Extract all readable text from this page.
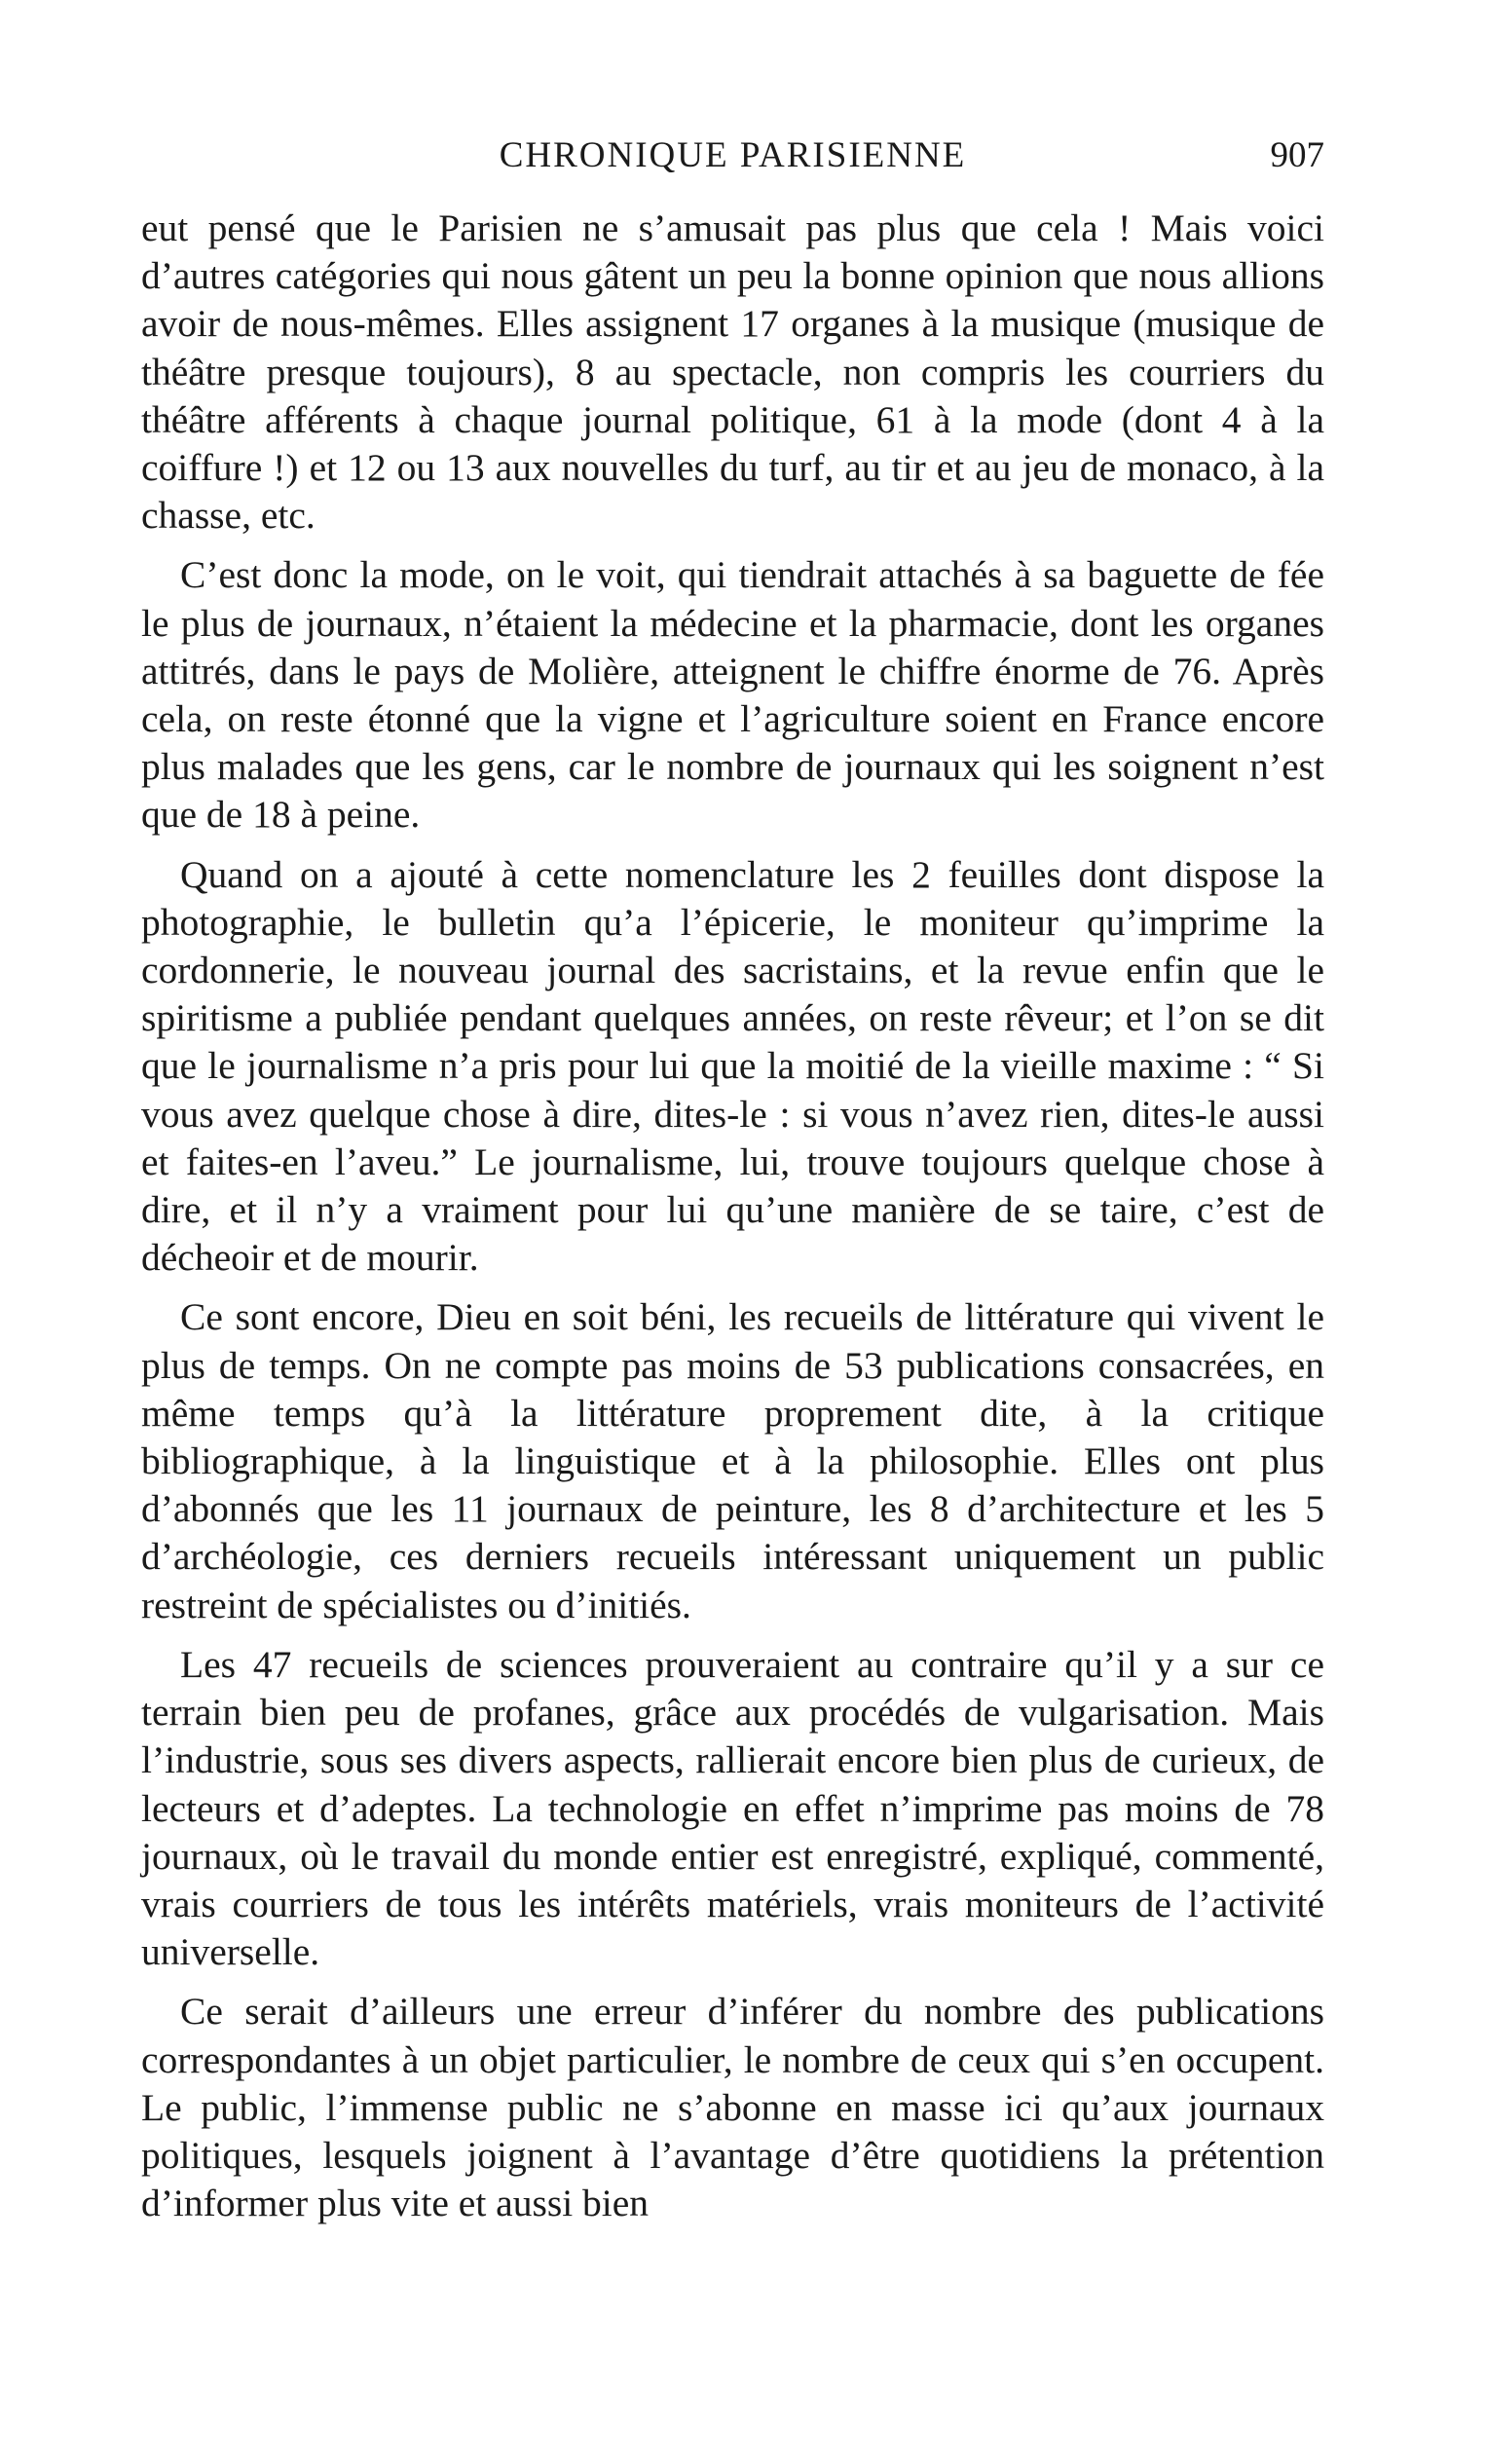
CHRONIQUE PARISIENNE	907

eut pensé que le Parisien ne s’amusait pas plus que cela ! Mais voici d’autres catégories qui nous gâtent un peu la bonne opinion que nous allions avoir de nous-mêmes. Elles assignent 17 organes à la musique (musique de théâtre presque toujours), 8 au spectacle, non compris les courriers du théâtre afférents à chaque journal politique, 61 à la mode (dont 4 à la coiffure !) et 12 ou 13 aux nouvelles du turf, au tir et au jeu de monaco, à la chasse, etc.

C’est donc la mode, on le voit, qui tiendrait attachés à sa baguette de fée le plus de journaux, n’étaient la médecine et la pharmacie, dont les organes attitrés, dans le pays de Molière, atteignent le chiffre énorme de 76. Après cela, on reste étonné que la vigne et l’agriculture soient en France encore plus malades que les gens, car le nombre de journaux qui les soignent n’est que de 18 à peine.

Quand on a ajouté à cette nomenclature les 2 feuilles dont dispose la photographie, le bulletin qu’a l’épicerie, le moniteur qu’imprime la cordonnerie, le nouveau journal des sacristains, et la revue enfin que le spiritisme a publiée pendant quelques années, on reste rêveur; et l’on se dit que le journalisme n’a pris pour lui que la moitié de la vieille maxime : “ Si vous avez quelque chose à dire, dites-le : si vous n’avez rien, dites-le aussi et faites-en l’aveu.” Le journalisme, lui, trouve toujours quelque chose à dire, et il n’y a vraiment pour lui qu’une manière de se taire, c’est de décheoir et de mourir.

Ce sont encore, Dieu en soit béni, les recueils de littérature qui vivent le plus de temps. On ne compte pas moins de 53 publications consacrées, en même temps qu’à la littérature proprement dite, à la critique bibliographique, à la linguistique et à la philosophie. Elles ont plus d’abonnés que les 11 journaux de peinture, les 8 d’architecture et les 5 d’archéologie, ces derniers recueils intéressant uniquement un public restreint de spécialistes ou d’initiés.

Les 47 recueils de sciences prouveraient au contraire qu’il y a sur ce terrain bien peu de profanes, grâce aux procédés de vulgarisation. Mais l’industrie, sous ses divers aspects, rallierait encore bien plus de curieux, de lecteurs et d’adeptes. La technologie en effet n’imprime pas moins de 78 journaux, où le travail du monde entier est enregistré, expliqué, commenté, vrais courriers de tous les intérêts matériels, vrais moniteurs de l’activité universelle.

Ce serait d’ailleurs une erreur d’inférer du nombre des publications correspondantes à un objet particulier, le nombre de ceux qui s’en occupent. Le public, l’immense public ne s’abonne en masse ici qu’aux journaux politiques, lesquels joignent à l’avantage d’être quotidiens la prétention d’informer plus vite et aussi bien
